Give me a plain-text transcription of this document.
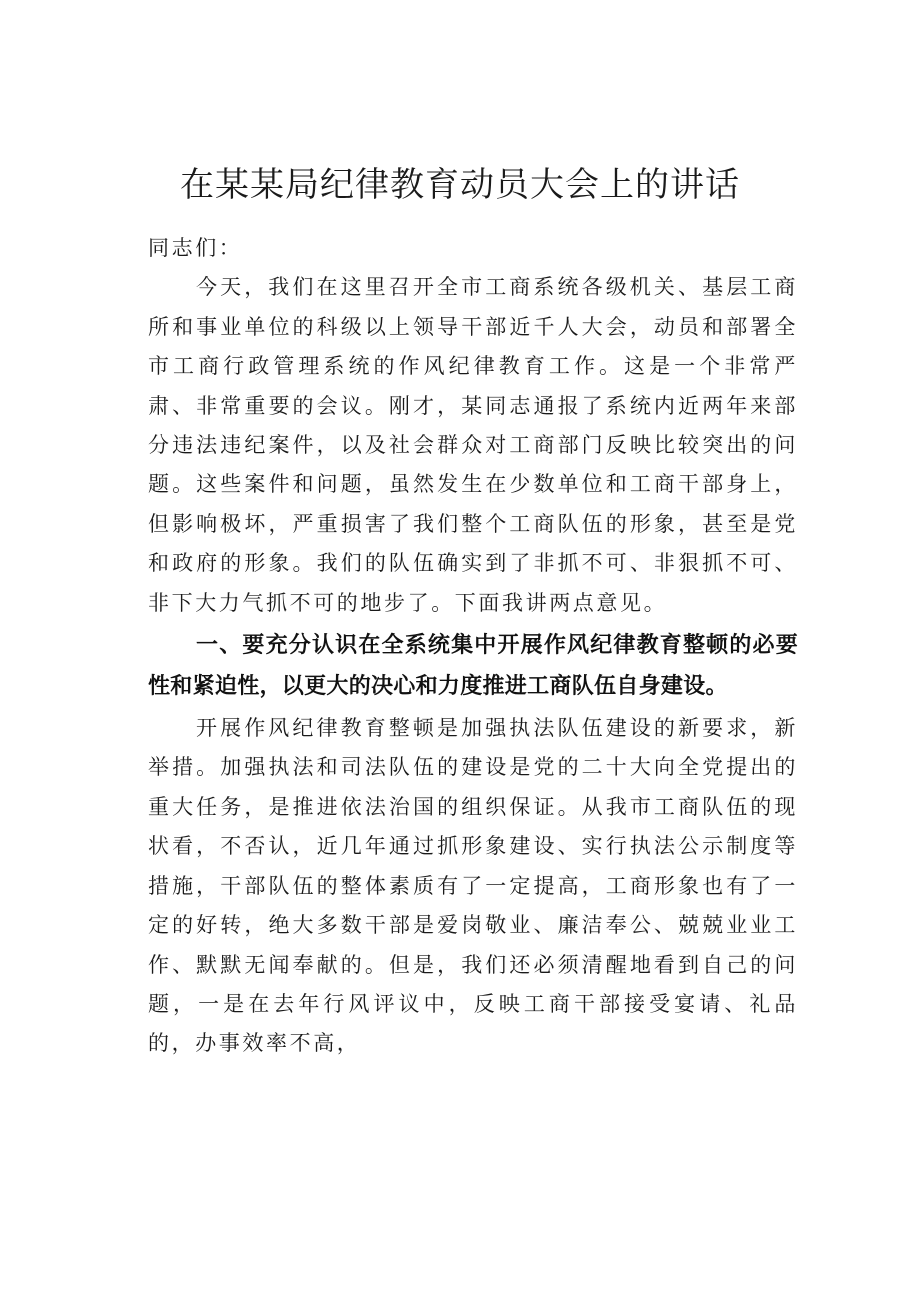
在某某局纪律教育动员大会上的讲话

同志们：

今天，我们在这里召开全市工商系统各级机关、基层工商所和事业单位的科级以上领导干部近千人大会，动员和部署全市工商行政管理系统的作风纪律教育工作。这是一个非常严肃、非常重要的会议。刚才，某同志通报了系统内近两年来部分违法违纪案件，以及社会群众对工商部门反映比较突出的问题。这些案件和问题，虽然发生在少数单位和工商干部身上，但影响极坏，严重损害了我们整个工商队伍的形象，甚至是党和政府的形象。我们的队伍确实到了非抓不可、非狠抓不可、非下大力气抓不可的地步了。下面我讲两点意见。

一、要充分认识在全系统集中开展作风纪律教育整顿的必要性和紧迫性，以更大的决心和力度推进工商队伍自身建设。

开展作风纪律教育整顿是加强执法队伍建设的新要求，新举措。加强执法和司法队伍的建设是党的二十大向全党提出的重大任务，是推进依法治国的组织保证。从我市工商队伍的现状看，不否认，近几年通过抓形象建设、实行执法公示制度等措施，干部队伍的整体素质有了一定提高，工商形象也有了一定的好转，绝大多数干部是爱岗敬业、廉洁奉公、兢兢业业工作、默默无闻奉献的。但是，我们还必须清醒地看到自己的问题，一是在去年行风评议中，反映工商干部接受宴请、礼品的，办事效率不高，
